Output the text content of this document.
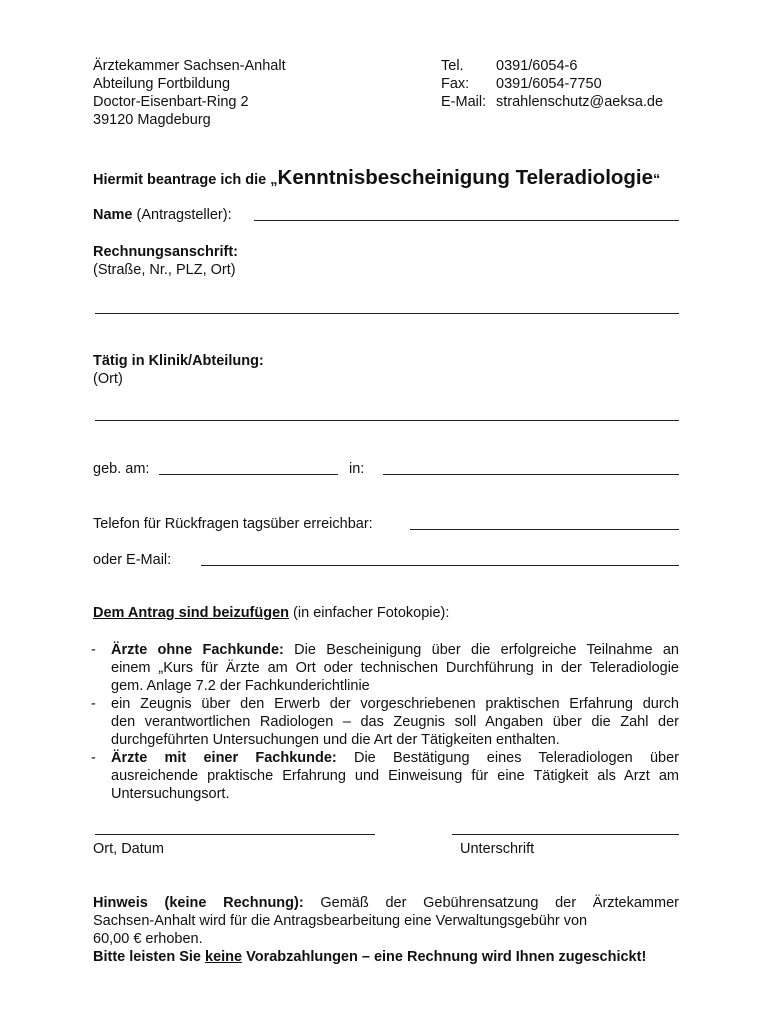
Ärztekammer Sachsen-Anhalt
Abteilung Fortbildung
Doctor-Eisenbart-Ring 2
39120 Magdeburg
Tel. 0391/6054-6
Fax: 0391/6054-7750
E-Mail: strahlenschutz@aeksa.de
Hiermit beantrage ich die „Kenntnisbescheinigung Teleradiologie“
Name (Antragsteller):
Rechnungsanschrift:
(Straße, Nr., PLZ, Ort)
Tätig in Klinik/Abteilung:
(Ort)
geb. am:	in:
Telefon für Rückfragen tagsüber erreichbar:
oder E-Mail:
Dem Antrag sind beizufügen (in einfacher Fotokopie):
- Ärzte ohne Fachkunde: Die Bescheinigung über die erfolgreiche Teilnahme an
einem „Kurs für Ärzte am Ort oder technischen Durchführung in der Teleradiologie
gem. Anlage 7.2 der Fachkunderichtlinie
- ein Zeugnis über den Erwerb der vorgeschriebenen praktischen Erfahrung durch
den verantwortlichen Radiologen – das Zeugnis soll Angaben über die Zahl der
durchgeführten Untersuchungen und die Art der Tätigkeiten enthalten.
- Ärzte mit einer Fachkunde: Die Bestätigung eines Teleradiologen über
ausreichende praktische Erfahrung und Einweisung für eine Tätigkeit als Arzt am
Untersuchungsort.
Ort, Datum	Unterschrift
Hinweis (keine Rechnung): Gemäß der Gebührensatzung der Ärztekammer
Sachsen-Anhalt wird für die Antragsbearbeitung eine Verwaltungsgebühr von
60,00 € erhoben.
Bitte leisten Sie keine Vorabzahlungen – eine Rechnung wird Ihnen zugeschickt!
